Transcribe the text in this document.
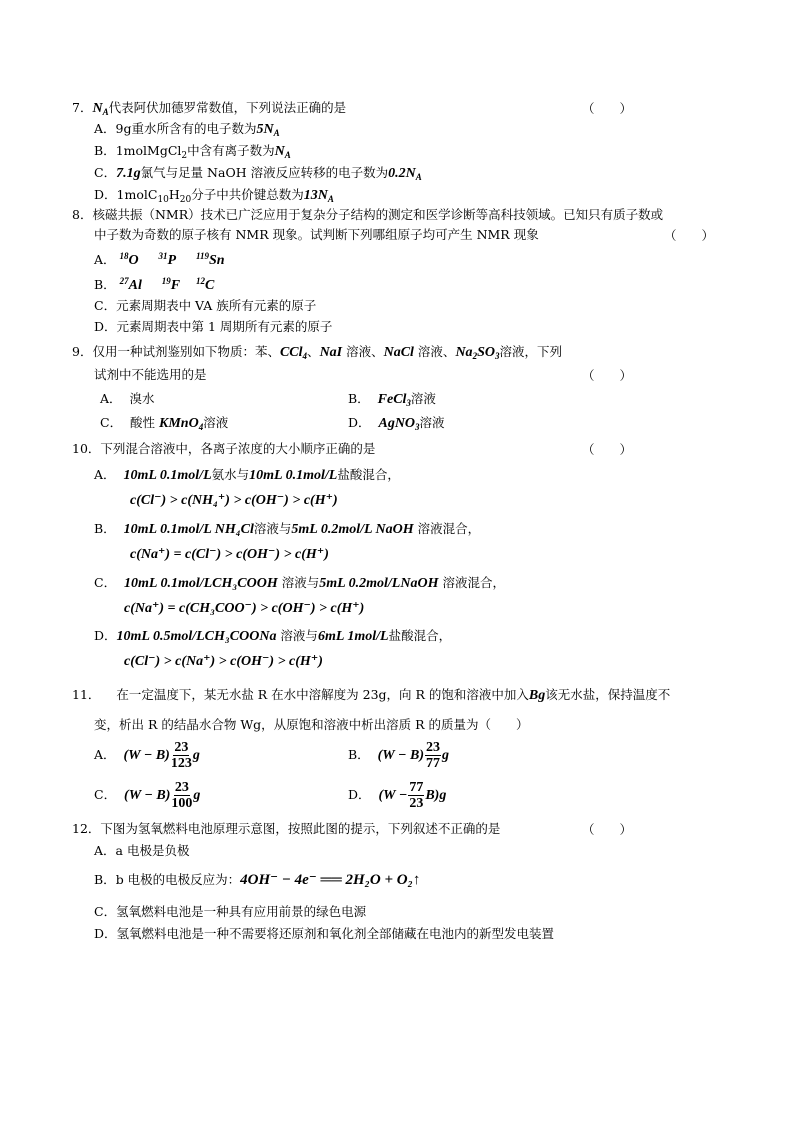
7．$N_A$代表阿伏加德罗常数值，下列说法正确的是	（　　）
A．9g重水所含有的电子数为$5N_A$
B．1molMgCl$_2$中含有离子数为$N_A$
C．7.1g氯气与足量 NaOH 溶液反应转移的电子数为$0.2N_A$
D．$1molC_{10}H_{20}$分子中共价键总数为$13N_A$
8．核磁共振（NMR）技术已广泛应用于复杂分子结构的测定和医学诊断等高科技领域。已知只有质子数或
中子数为奇数的原子核有 NMR 现象。试判断下列哪组原子均可产生 NMR 现象	（　　）
A． $^{18}$O $^{31}$P $^{119}$Sn
B． $^{27}$Al $^{19}$F $^{12}$C
C．元素周期表中 VA 族所有元素的原子
D．元素周期表中第 1 周期所有元素的原子
9．仅用一种试剂鉴别如下物质：苯、CCl$_4$、NaI 溶液、NaCl 溶液、$Na_2SO_3$溶液，下列
试剂中不能选用的是	（　　）
A． 溴水	B． FeCl$_3$溶液
C． 酸性 KMnO$_4$溶液	D． AgNO$_3$溶液
10．下列混合溶液中，各离子浓度的大小顺序正确的是	（　　）
A． 10mL 0.1mol/L氨水与10mL 0.1mol/L盐酸混合，
c(Cl⁻) > c(NH₄⁺) > c(OH⁻) > c(H⁺)
B． 10mL 0.1mol/L NH₄Cl溶液与5mL 0.2mol/L NaOH 溶液混合，
c(Na⁺) = c(Cl⁻) > c(OH⁻) > c(H⁺)
C． 10mL 0.1mol/LCH₃COOH 溶液与5mL 0.2mol/LNaOH 溶液混合，
c(Na⁺) = c(CH₃COO⁻) > c(OH⁻) > c(H⁺)
D．10mL 0.5mol/LCH₃COONa 溶液与6mL 1mol/L盐酸混合，
c(Cl⁻) > c(Na⁺) > c(OH⁻) > c(H⁺)
11． 在一定温度下，某无水盐 R 在水中溶解度为 23g，向 R 的饱和溶液中加入Bg该无水盐，保持温度不
变，析出 R 的结晶水合物 Wg，从原饱和溶液中析出溶质 R 的质量为（　　）
A． $(W - B) \frac{23}{123}$ g	B． $(W - B) \frac{23}{77}$ g
C． $(W - B) \frac{23}{100}$ g	D． $(W - \frac{77}{23} B)g$
12．下图为氢氧燃料电池原理示意图，按照此图的提示，下列叙述不正确的是	（　　）
A．a 电极是负极
B．b 电极的电极反应为：4OH⁻ − 4e⁻ ══ 2H₂O + O₂↑
C．氢氧燃料电池是一种具有应用前景的绿色电源
D．氢氧燃料电池是一种不需要将还原剂和氧化剂全部储藏在电池内的新型发电装置
